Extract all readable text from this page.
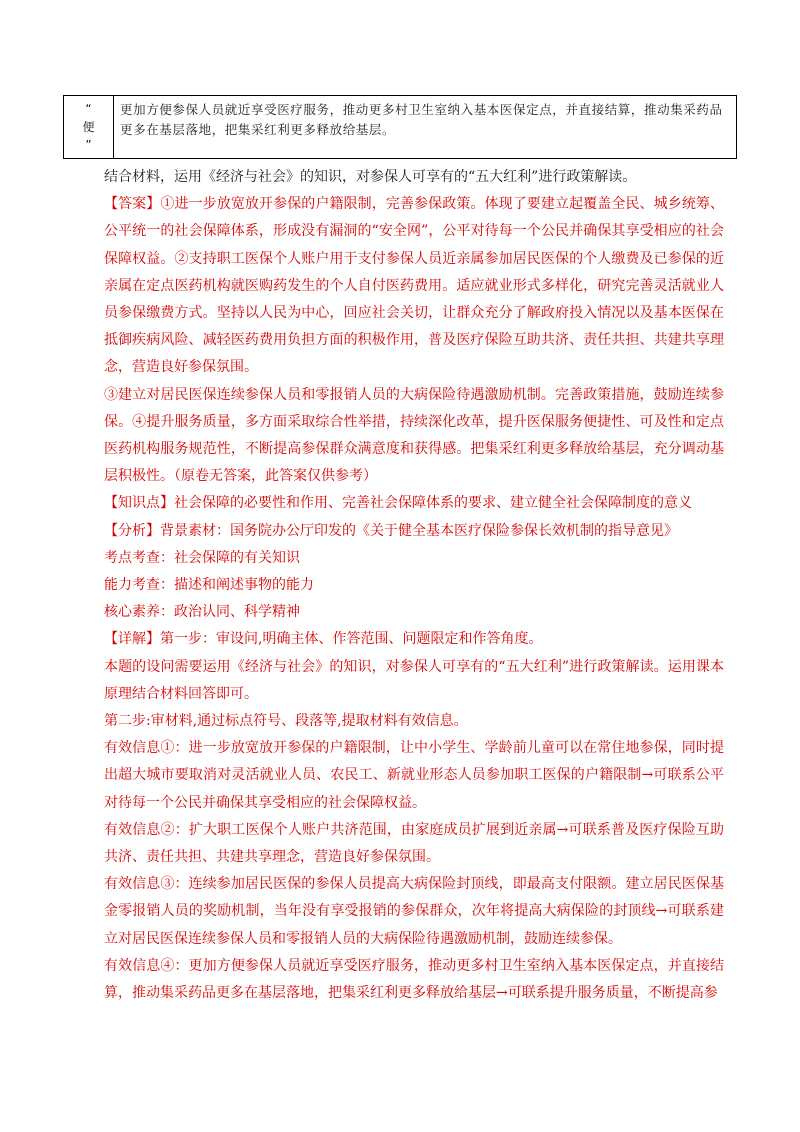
“
便
”
更加方便参保人员就近享受医疗服务，推动更多村卫生室纳入基本医保定点，并直接结算，推动集采药品更多在基层落地，把集采红利更多释放给基层。

结合材料，运用《经济与社会》的知识，对参保人可享有的“五大红利”进行政策解读。

【答案】①进一步放宽放开参保的户籍限制，完善参保政策。体现了要建立起覆盖全民、城乡统筹、公平统一的社会保障体系，形成没有漏洞的“安全网”，公平对待每一个公民并确保其享受相应的社会保障权益。②支持职工医保个人账户用于支付参保人员近亲属参加居民医保的个人缴费及已参保的近亲属在定点医药机构就医购药发生的个人自付医药费用。适应就业形式多样化，研究完善灵活就业人员参保缴费方式。坚持以人民为中心，回应社会关切，让群众充分了解政府投入情况以及基本医保在抵御疾病风险、减轻医药费用负担方面的积极作用，普及医疗保险互助共济、责任共担、共建共享理念，营造良好参保氛围。

③建立对居民医保连续参保人员和零报销人员的大病保险待遇激励机制。完善政策措施，鼓励连续参保。④提升服务质量，多方面采取综合性举措，持续深化改革，提升医保服务便捷性、可及性和定点医药机构服务规范性，不断提高参保群众满意度和获得感。把集采红利更多释放给基层，充分调动基层积极性。（原卷无答案，此答案仅供参考）

【知识点】社会保障的必要性和作用、完善社会保障体系的要求、建立健全社会保障制度的意义

【分析】背景素材：国务院办公厅印发的《关于健全基本医疗保险参保长效机制的指导意见》

考点考查：社会保障的有关知识

能力考查：描述和阐述事物的能力

核心素养：政治认同、科学精神

【详解】第一步：审设问,明确主体、作答范围、问题限定和作答角度。

本题的设问需要运用《经济与社会》的知识，对参保人可享有的“五大红利”进行政策解读。运用课本原理结合材料回答即可。

第二步:审材料,通过标点符号、段落等,提取材料有效信息。

有效信息①：进一步放宽放开参保的户籍限制，让中小学生、学龄前儿童可以在常住地参保，同时提出超大城市要取消对灵活就业人员、农民工、新就业形态人员参加职工医保的户籍限制→可联系公平对待每一个公民并确保其享受相应的社会保障权益。

有效信息②：扩大职工医保个人账户共济范围，由家庭成员扩展到近亲属→可联系普及医疗保险互助共济、责任共担、共建共享理念，营造良好参保氛围。

有效信息③：连续参加居民医保的参保人员提高大病保险封顶线，即最高支付限额。建立居民医保基金零报销人员的奖励机制，当年没有享受报销的参保群众，次年将提高大病保险的封顶线→可联系建立对居民医保连续参保人员和零报销人员的大病保险待遇激励机制，鼓励连续参保。

有效信息④：更加方便参保人员就近享受医疗服务，推动更多村卫生室纳入基本医保定点，并直接结算，推动集采药品更多在基层落地，把集采红利更多释放给基层→可联系提升服务质量，不断提高参
